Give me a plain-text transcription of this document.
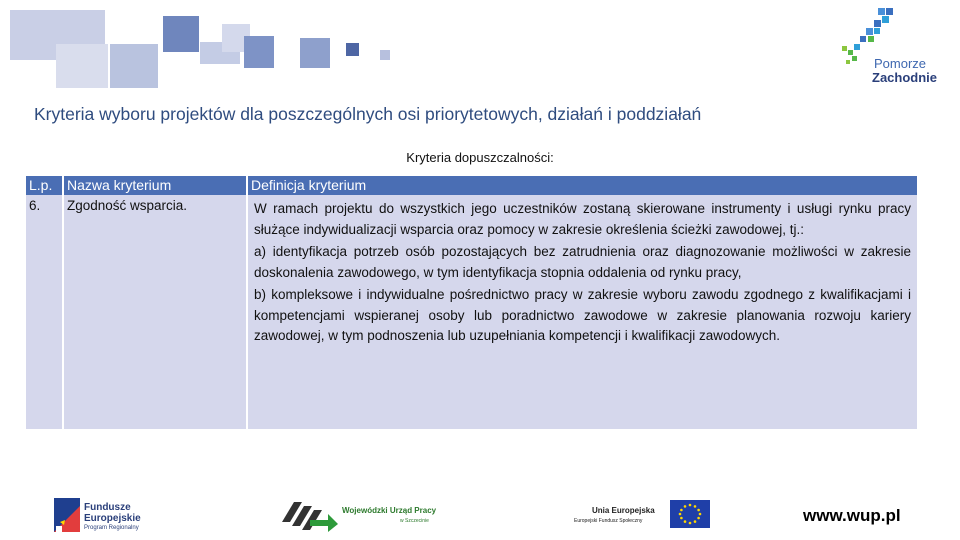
Pomorze
Zachodnie
Kryteria wyboru projektów dla poszczególnych osi priorytetowych, działań i poddziałań
Kryteria dopuszczalności:
L.p.
6.
Nazwa kryterium
Zgodność wsparcia.
Definicja kryterium

W ramach projektu do wszystkich jego uczestników zostaną skierowane instrumenty i usługi rynku pracy służące indywidualizacji wsparcia oraz pomocy w zakresie określenia ścieżki zawodowej, tj.:

a) identyfikacja potrzeb osób pozostających bez zatrudnienia oraz diagnozowanie możliwości w zakresie doskonalenia zawodowego, w tym identyfikacja stopnia oddalenia od rynku pracy,

b) kompleksowe i indywidualne pośrednictwo pracy w zakresie wyboru zawodu zgodnego z kwalifikacjami i kompetencjami wspieranej osoby lub poradnictwo zawodowe w zakresie planowania rozwoju kariery zawodowej, w tym podnoszenia lub uzupełniania kompetencji i kwalifikacji zawodowych.

Fundusze
Europejskie
Program Regionalny
Wojewódzki Urząd Pracy
w Szczecinie
Unia Europejska
Europejski Fundusz Społeczny	www.wup.pl
